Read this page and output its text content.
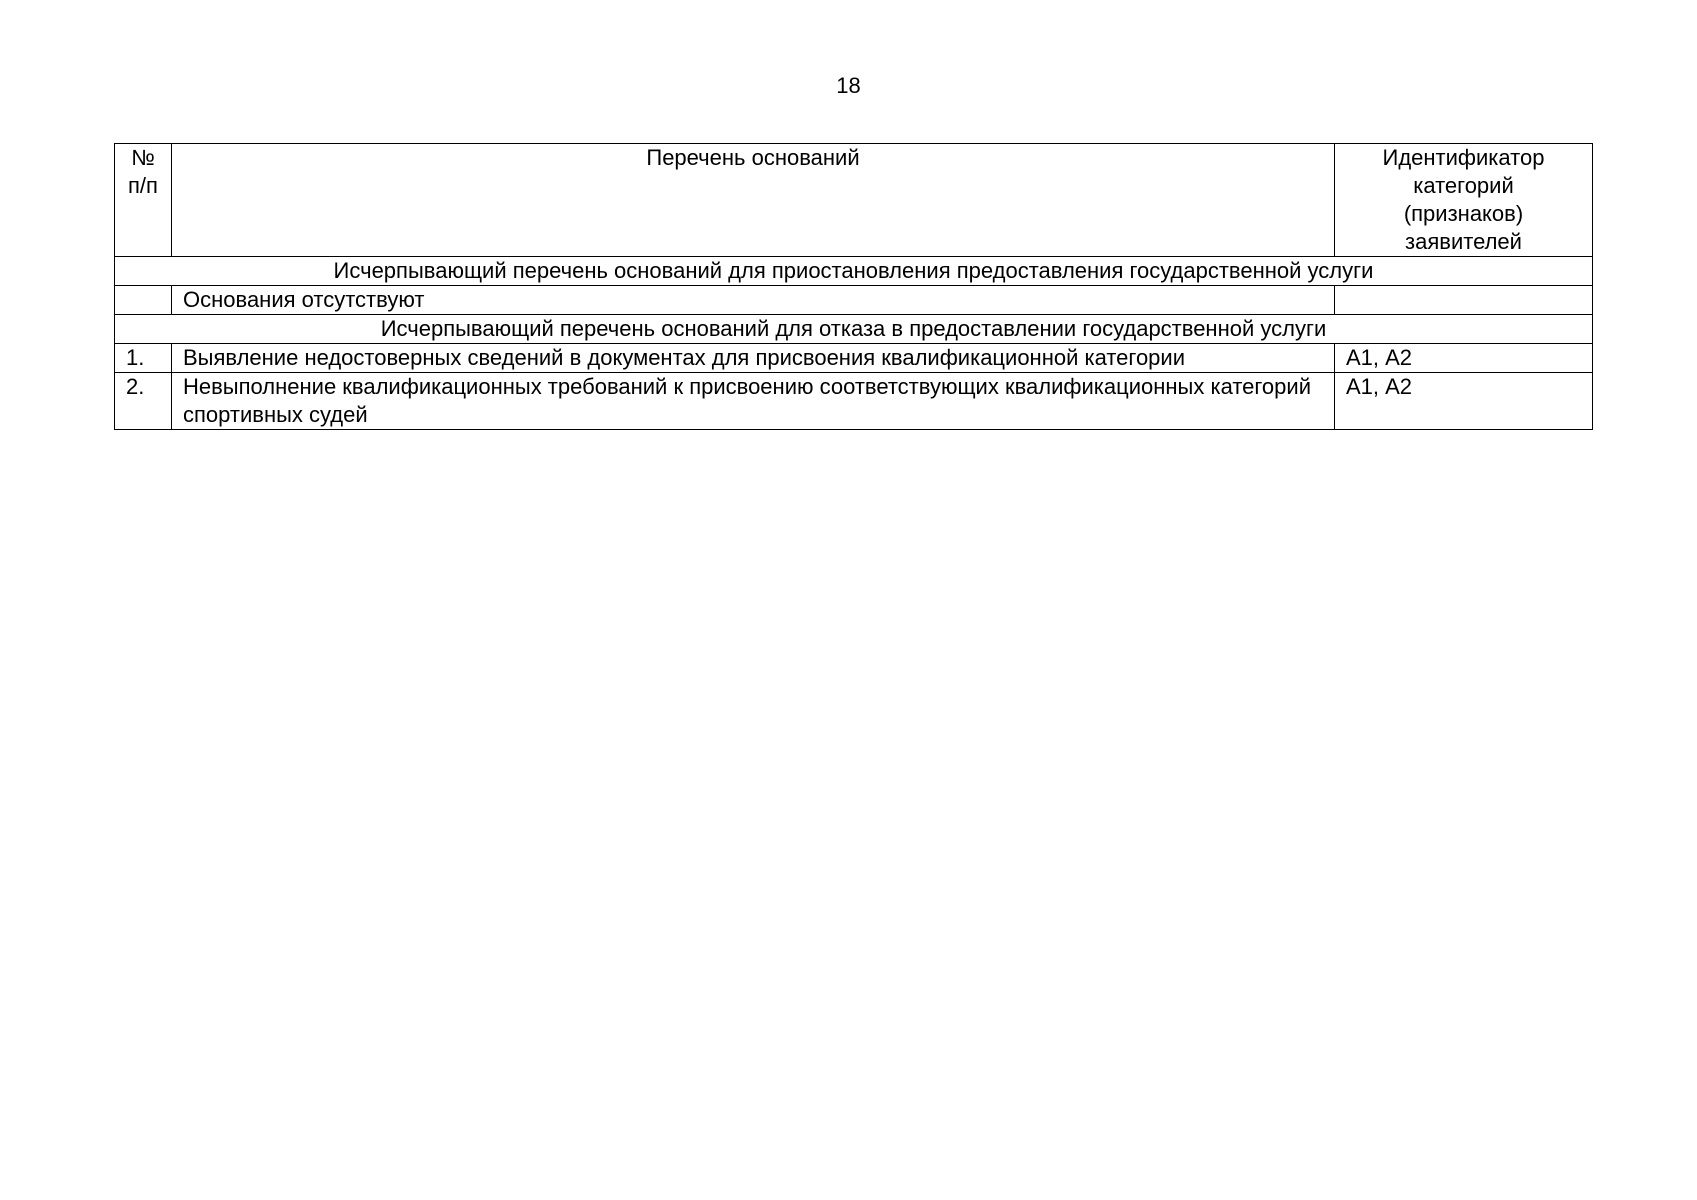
18
№
п/п	Перечень оснований	Идентификатор
категорий
(признаков)
заявителей
Исчерпывающий перечень оснований для приостановления предоставления государственной услуги		
	Основания отсутствуют	
Исчерпывающий перечень оснований для отказа в предоставлении государственной услуги		
1.	Выявление недостоверных сведений в документах для присвоения квалификационной категории	А1, А2
2.	Невыполнение квалификационных требований к присвоению соответствующих квалификационных категорий спортивных судей	А1, А2
